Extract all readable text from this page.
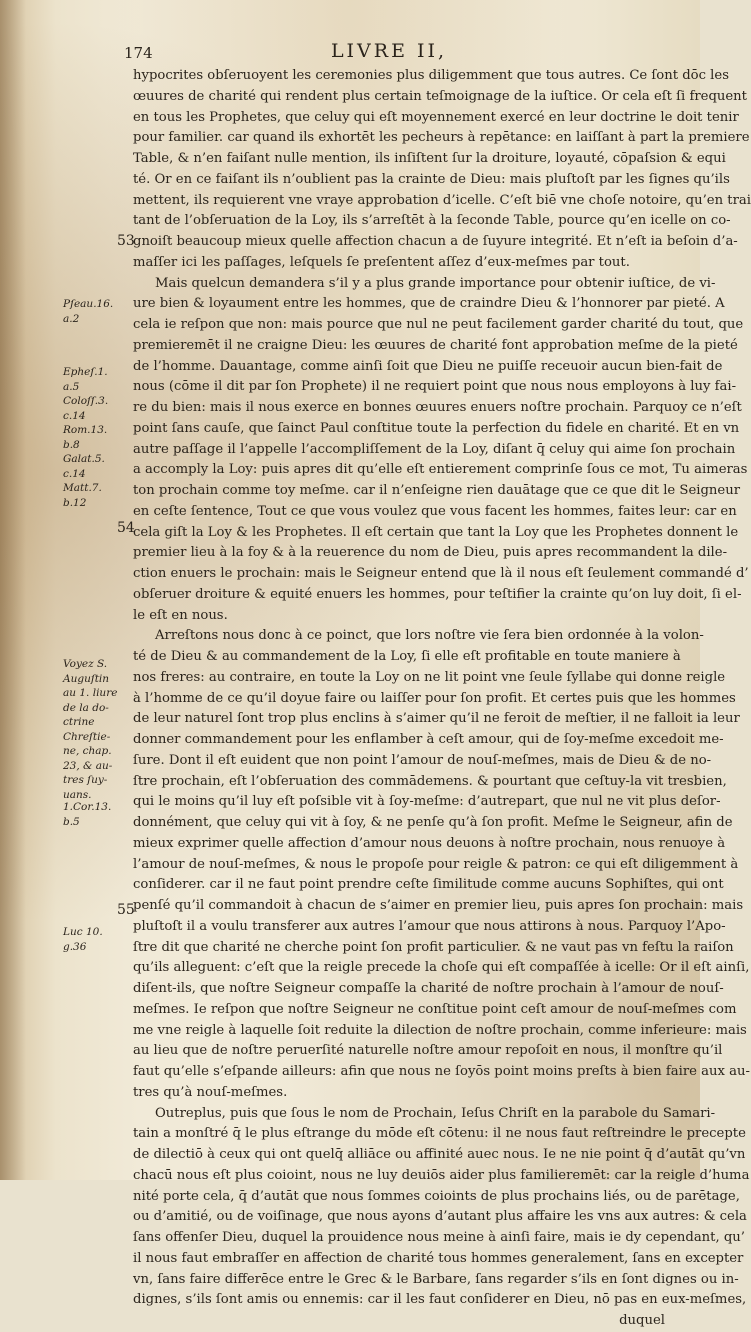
174	LIVRE II,
hypocrites obſeruoyent les ceremonies plus diligemment que tous autres. Ce ſont dōc les
œuures de charité qui rendent plus certain teſmoignage de la iuſtice. Or cela eſt ſi frequent
en tous les Prophetes, que celuy qui eſt moyennement exercé en leur doctrine le doit tenir
pour familier. car quand ils exhortēt les pecheurs à repētance: en laiſſant à part la premiere
Table, & n’en faiſant nulle mention, ils inſiſtent ſur la droiture, loyauté, cōpaſsion & equi
té. Or en ce faiſant ils n’oublient pas la crainte de Dieu: mais pluſtoſt par les ſignes qu’ils
mettent, ils requierent vne vraye approbation d’icelle. C’eſt biē vne choſe notoire, qu’en trai
tant de l’obſeruation de la Loy, ils s’arreſtēt à la ſeconde Table, pource qu’en icelle on co-
gnoiſt beaucoup mieux quelle affection chacun a de ſuyure integrité. Et n’eſt ia beſoin d’a-
maſſer ici les paſſages, leſquels ſe preſentent aſſez d’eux-meſmes par tout.
Mais quelcun demandera s’il y a plus grande importance pour obtenir iuſtice, de vi-
ure bien & loyaument entre les hommes, que de craindre Dieu & l’honnorer par pieté. A
cela ie reſpon que non: mais pource que nul ne peut facilement garder charité du tout, que
premieremēt il ne craigne Dieu: les œuures de charité font approbation meſme de la pieté
de l’homme. Dauantage, comme ainſi ſoit que Dieu ne puiſſe receuoir aucun bien-fait de
nous (cōme il dit par ſon Prophete) il ne requiert point que nous nous employons à luy fai-
re du bien: mais il nous exerce en bonnes œuures enuers noſtre prochain. Parquoy ce n’eſt
point ſans cauſe, que ſainct Paul conſtitue toute la perfection du fidele en charité. Et en vn
autre paſſage il l’appelle l’accompliſſement de la Loy, diſant q̄ celuy qui aime ſon prochain
a accomply la Loy: puis apres dit qu’elle eſt entierement comprinſe ſous ce mot, Tu aimeras
ton prochain comme toy meſme. car il n’enſeigne rien dauātage que ce que dit le Seigneur
en ceſte ſentence, Tout ce que vous voulez que vous facent les hommes, faites leur: car en
cela giſt la Loy & les Prophetes. Il eſt certain que tant la Loy que les Prophetes donnent le
premier lieu à la foy & à la reuerence du nom de Dieu, puis apres recommandent la dile-
ction enuers le prochain: mais le Seigneur entend que là il nous eſt ſeulement commandé d’
obſeruer droiture & equité enuers les hommes, pour teſtifier la crainte qu’on luy doit, ſi el-
le eſt en nous.
Arreſtons nous donc à ce poinct, que lors noſtre vie ſera bien ordonnée à la volon-
té de Dieu & au commandement de la Loy, ſi elle eſt profitable en toute maniere à
nos freres: au contraire, en toute la Loy on ne lit point vne ſeule ſyllabe qui donne reigle
à l’homme de ce qu’il doyue faire ou laiſſer pour ſon profit. Et certes puis que les hommes
de leur naturel ſont trop plus enclins à s’aimer qu’il ne feroit de meſtier, il ne falloit ia leur
donner commandement pour les enflamber à ceſt amour, qui de ſoy-meſme excedoit me-
ſure. Dont il eſt euident que non point l’amour de nouſ-meſmes, mais de Dieu & de no-
ſtre prochain, eſt l’obſeruation des commādemens. & pourtant que ceſtuy-la vit tresbien,
qui le moins qu’il luy eſt poſsible vit à ſoy-meſme: d’autrepart, que nul ne vit plus deſor-
donnément, que celuy qui vit à ſoy, & ne penſe qu’à ſon profit. Meſme le Seigneur, afin de
mieux exprimer quelle affection d’amour nous deuons à noſtre prochain, nous renuoye à
l’amour de nouſ-meſmes, & nous le propoſe pour reigle & patron: ce qui eſt diligemment à
conſiderer. car il ne faut point prendre ceſte ſimilitude comme aucuns Sophiſtes, qui ont
penſé qu’il commandoit à chacun de s’aimer en premier lieu, puis apres ſon prochain: mais
pluſtoſt il a voulu transferer aux autres l’amour que nous attirons à nous. Parquoy l’Apo-
ſtre dit que charité ne cherche point ſon profit particulier. & ne vaut pas vn feſtu la raiſon
qu’ils alleguent: c’eſt que la reigle precede la choſe qui eſt compaſſée à icelle: Or il eſt ainſi,
diſent-ils, que noſtre Seigneur compaſſe la charité de noſtre prochain à l’amour de nouſ-
meſmes. Ie reſpon que noſtre Seigneur ne conſtitue point ceſt amour de nouſ-meſmes com
me vne reigle à laquelle ſoit reduite la dilection de noſtre prochain, comme inferieure: mais
au lieu que de noſtre peruerſité naturelle noſtre amour repoſoit en nous, il monſtre qu’il
faut qu’elle s’eſpande ailleurs: afin que nous ne ſoyōs point moins preſts à bien faire aux au-
tres qu’à nouſ-meſmes.
Outreplus, puis que ſous le nom de Prochain, Ieſus Chriſt en la parabole du Samari-
tain a monſtré q̄ le plus eſtrange du mōde eſt cōtenu: il ne nous faut reſtreindre le precepte
de dilectiō à ceux qui ont quelq̄ alliāce ou affinité auec nous. Ie ne nie point q̄ d’autāt qu’vn
chacū nous eſt plus coioint, nous ne luy deuiōs aider plus familieremēt: car la reigle d’huma
nité porte cela, q̄ d’autāt que nous ſommes coioints de plus prochains liés, ou de parētage,
ou d’amitié, ou de voiſinage, que nous ayons d’autant plus affaire les vns aux autres: & cela
ſans offenſer Dieu, duquel la prouidence nous meine à ainſi faire, mais ie dy cependant, qu’
il nous faut embraſſer en affection de charité tous hommes generalement, ſans en excepter
vn, ſans faire differēce entre le Grec & le Barbare, ſans regarder s’ils en ſont dignes ou in-
dignes, s’ils ſont amis ou ennemis: car il les faut conſiderer en Dieu, nō pas en eux-meſmes,
duquel
53
54
55
Pſeau.16.
a.2
Epheſ.1.
a.5
Coloſſ.3.
c.14
Rom.13.
b.8
Galat.5.
c.14
Matt.7.
b.12
Voyez S.
Auguſtin
au 1. liure
de la do-
ctrine
Chreſtie-
ne, chap.
23, & au-
tres ſuy-
uans.
1.Cor.13.
b.5
Luc 10.
g.36
